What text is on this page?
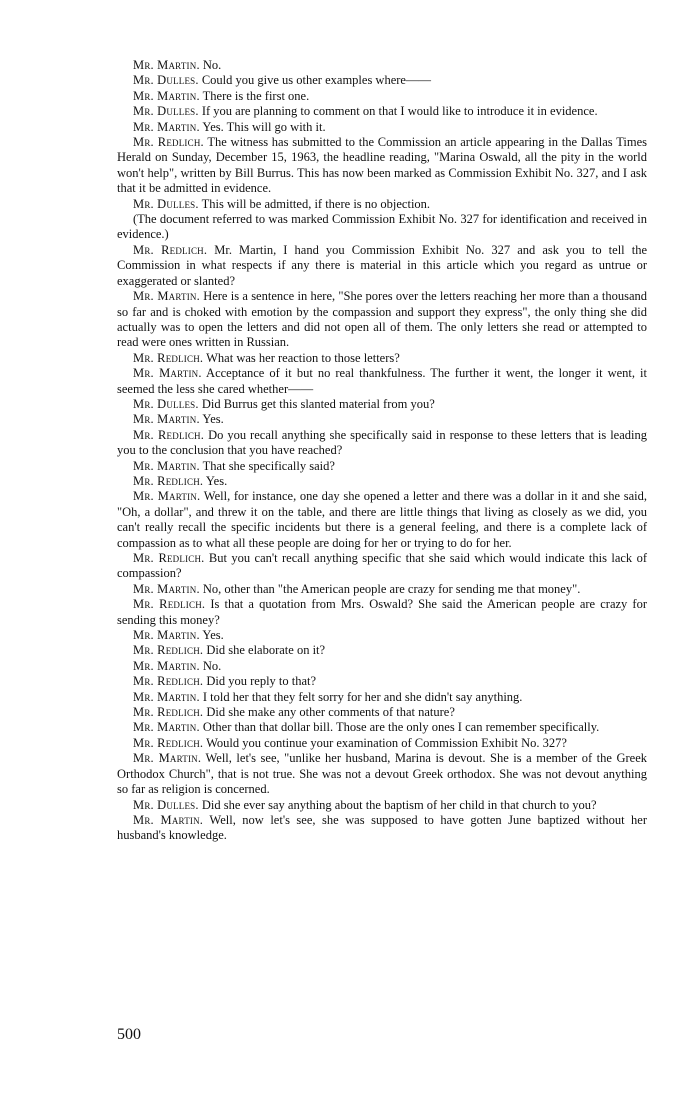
Mr. Martin. No.

Mr. Dulles. Could you give us other examples where——

Mr. Martin. There is the first one.

Mr. Dulles. If you are planning to comment on that I would like to introduce it in evidence.

Mr. Martin. Yes. This will go with it.

Mr. Redlich. The witness has submitted to the Commission an article appearing in the Dallas Times Herald on Sunday, December 15, 1963, the headline reading, "Marina Oswald, all the pity in the world won't help", written by Bill Burrus. This has now been marked as Commission Exhibit No. 327, and I ask that it be admitted in evidence.

Mr. Dulles. This will be admitted, if there is no objection.

(The document referred to was marked Commission Exhibit No. 327 for identification and received in evidence.)

Mr. Redlich. Mr. Martin, I hand you Commission Exhibit No. 327 and ask you to tell the Commission in what respects if any there is material in this article which you regard as untrue or exaggerated or slanted?

Mr. Martin. Here is a sentence in here, "She pores over the letters reaching her more than a thousand so far and is choked with emotion by the compassion and support they express", the only thing she did actually was to open the letters and did not open all of them. The only letters she read or attempted to read were ones written in Russian.

Mr. Redlich. What was her reaction to those letters?

Mr. Martin. Acceptance of it but no real thankfulness. The further it went, the longer it went, it seemed the less she cared whether——

Mr. Dulles. Did Burrus get this slanted material from you?

Mr. Martin. Yes.

Mr. Redlich. Do you recall anything she specifically said in response to these letters that is leading you to the conclusion that you have reached?

Mr. Martin. That she specifically said?

Mr. Redlich. Yes.

Mr. Martin. Well, for instance, one day she opened a letter and there was a dollar in it and she said, "Oh, a dollar", and threw it on the table, and there are little things that living as closely as we did, you can't really recall the specific incidents but there is a general feeling, and there is a complete lack of compassion as to what all these people are doing for her or trying to do for her.

Mr. Redlich. But you can't recall anything specific that she said which would indicate this lack of compassion?

Mr. Martin. No, other than "the American people are crazy for sending me that money".

Mr. Redlich. Is that a quotation from Mrs. Oswald? She said the American people are crazy for sending this money?

Mr. Martin. Yes.

Mr. Redlich. Did she elaborate on it?

Mr. Martin. No.

Mr. Redlich. Did you reply to that?

Mr. Martin. I told her that they felt sorry for her and she didn't say anything.

Mr. Redlich. Did she make any other comments of that nature?

Mr. Martin. Other than that dollar bill. Those are the only ones I can remember specifically.

Mr. Redlich. Would you continue your examination of Commission Exhibit No. 327?

Mr. Martin. Well, let's see, "unlike her husband, Marina is devout. She is a member of the Greek Orthodox Church", that is not true. She was not a devout Greek orthodox. She was not devout anything so far as religion is concerned.

Mr. Dulles. Did she ever say anything about the baptism of her child in that church to you?

Mr. Martin. Well, now let's see, she was supposed to have gotten June baptized without her husband's knowledge.

500
